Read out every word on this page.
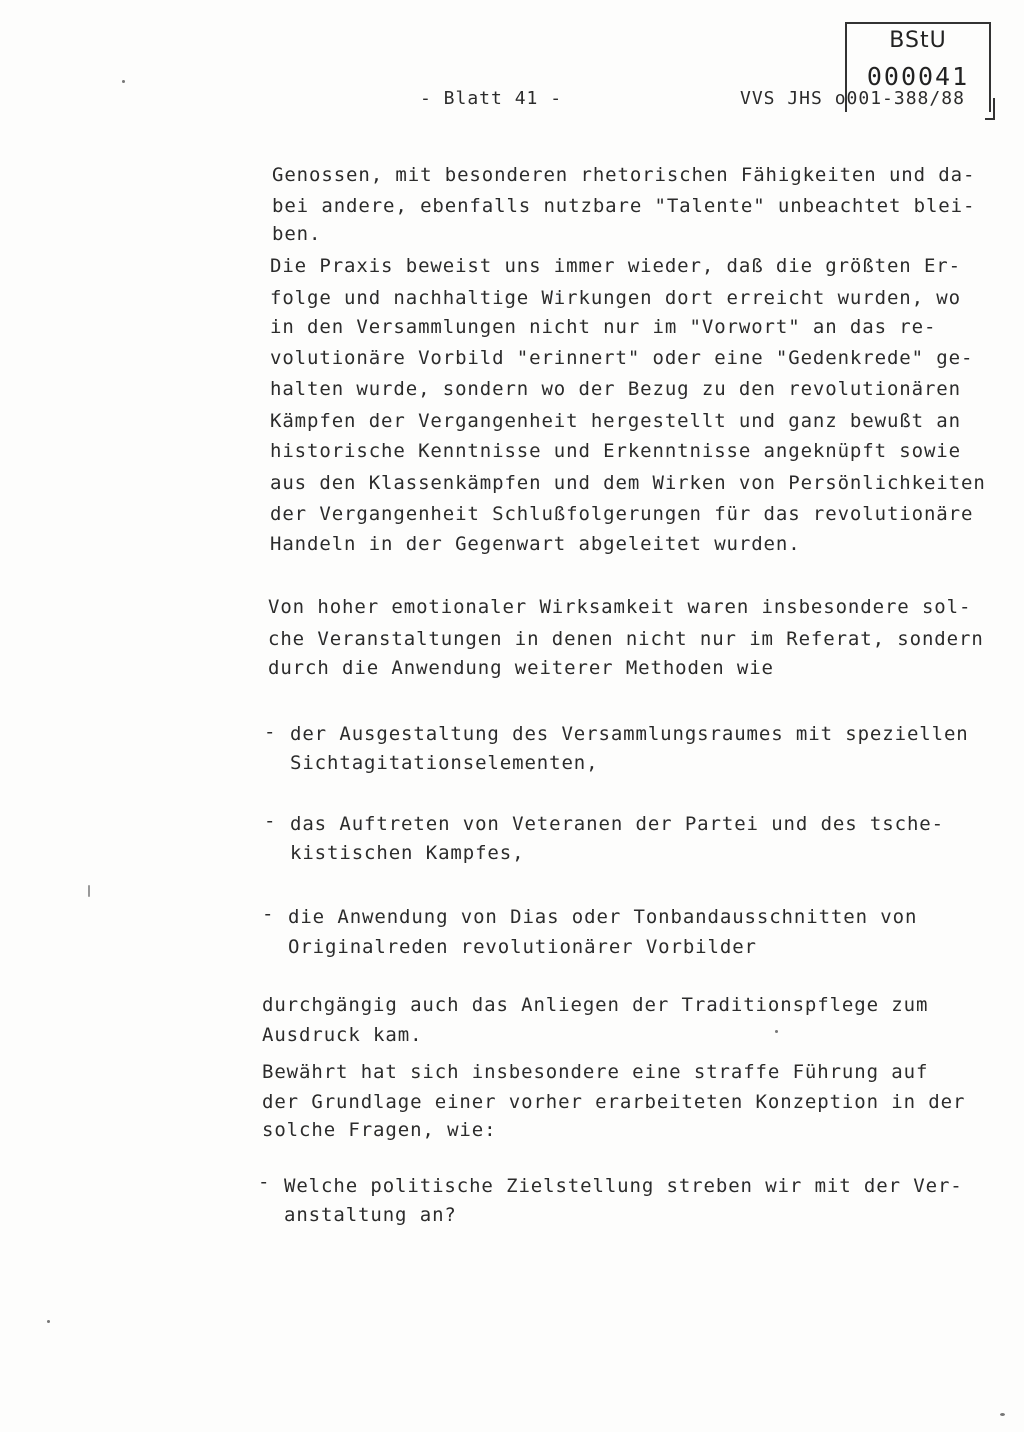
BStU
000041
- Blatt 41 -	VVS JHS o001-388/88
Genossen, mit besonderen rhetorischen Fähigkeiten und da-
bei andere, ebenfalls nutzbare "Talente" unbeachtet blei-
ben.
Die Praxis beweist uns immer wieder, daß die größten Er-
folge und nachhaltige Wirkungen dort erreicht wurden, wo
in den Versammlungen nicht nur im "Vorwort" an das re-
volutionäre Vorbild "erinnert" oder eine "Gedenkrede" ge-
halten wurde, sondern wo der Bezug zu den revolutionären
Kämpfen der Vergangenheit hergestellt und ganz bewußt an
historische Kenntnisse und Erkenntnisse angeknüpft sowie
aus den Klassenkämpfen und dem Wirken von Persönlichkeiten
der Vergangenheit Schlußfolgerungen für das revolutionäre
Handeln in der Gegenwart abgeleitet wurden.
Von hoher emotionaler Wirksamkeit waren insbesondere sol-
che Veranstaltungen in denen nicht nur im Referat, sondern
durch die Anwendung weiterer Methoden wie
- der Ausgestaltung des Versammlungsraumes mit speziellen
Sichtagitationselementen,
- das Auftreten von Veteranen der Partei und des tsche-
kistischen Kampfes,
- die Anwendung von Dias oder Tonbandausschnitten von
Originalreden revolutionärer Vorbilder
durchgängig auch das Anliegen der Traditionspflege zum
Ausdruck kam.
Bewährt hat sich insbesondere eine straffe Führung auf
der Grundlage einer vorher erarbeiteten Konzeption in der
solche Fragen, wie:
- Welche politische Zielstellung streben wir mit der Ver-
anstaltung an?
